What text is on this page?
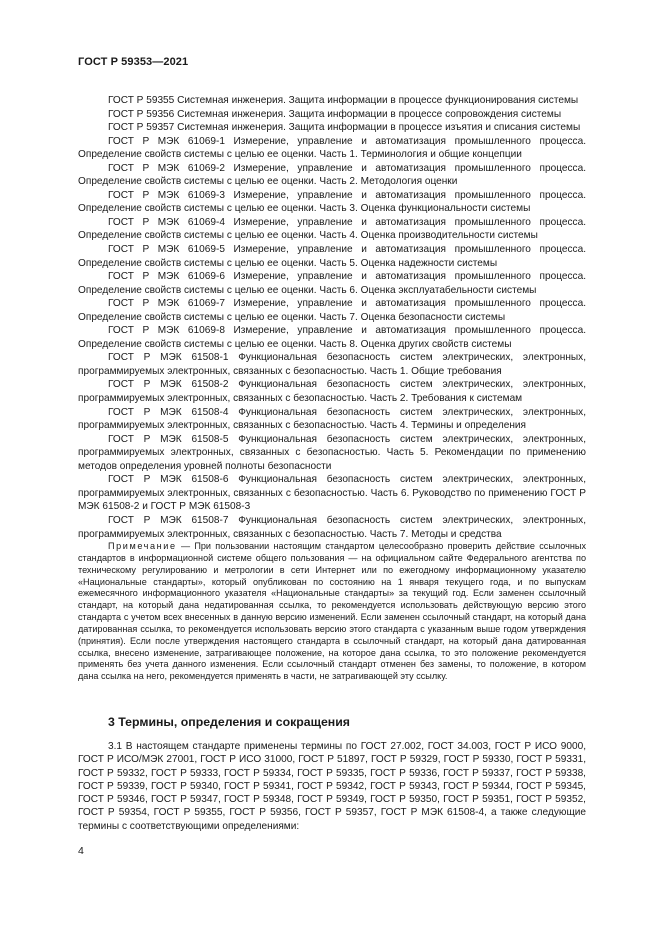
ГОСТ Р 59353—2021

ГОСТ Р 59355 Системная инженерия. Защита информации в процессе функционирования системы

ГОСТ Р 59356 Системная инженерия. Защита информации в процессе сопровождения системы

ГОСТ Р 59357 Системная инженерия. Защита информации в процессе изъятия и списания системы

ГОСТ Р МЭК 61069-1 Измерение, управление и автоматизация промышленного процесса. Определение свойств системы с целью ее оценки. Часть 1. Терминология и общие концепции

ГОСТ Р МЭК 61069-2 Измерение, управление и автоматизация промышленного процесса. Определение свойств системы с целью ее оценки. Часть 2. Методология оценки

ГОСТ Р МЭК 61069-3 Измерение, управление и автоматизация промышленного процесса. Определение свойств системы с целью ее оценки. Часть 3. Оценка функциональности системы

ГОСТ Р МЭК 61069-4 Измерение, управление и автоматизация промышленного процесса. Определение свойств системы с целью ее оценки. Часть 4. Оценка производительности системы

ГОСТ Р МЭК 61069-5 Измерение, управление и автоматизация промышленного процесса. Определение свойств системы с целью ее оценки. Часть 5. Оценка надежности системы

ГОСТ Р МЭК 61069-6 Измерение, управление и автоматизация промышленного процесса. Определение свойств системы с целью ее оценки. Часть 6. Оценка эксплуатабельности системы

ГОСТ Р МЭК 61069-7 Измерение, управление и автоматизация промышленного процесса. Определение свойств системы с целью ее оценки. Часть 7. Оценка безопасности системы

ГОСТ Р МЭК 61069-8 Измерение, управление и автоматизация промышленного процесса. Определение свойств системы с целью ее оценки. Часть 8. Оценка других свойств системы

ГОСТ Р МЭК 61508-1 Функциональная безопасность систем электрических, электронных, программируемых электронных, связанных с безопасностью. Часть 1. Общие требования

ГОСТ Р МЭК 61508-2 Функциональная безопасность систем электрических, электронных, программируемых электронных, связанных с безопасностью. Часть 2. Требования к системам

ГОСТ Р МЭК 61508-4 Функциональная безопасность систем электрических, электронных, программируемых электронных, связанных с безопасностью. Часть 4. Термины и определения

ГОСТ Р МЭК 61508-5 Функциональная безопасность систем электрических, электронных, программируемых электронных, связанных с безопасностью. Часть 5. Рекомендации по применению методов определения уровней полноты безопасности

ГОСТ Р МЭК 61508-6 Функциональная безопасность систем электрических, электронных, программируемых электронных, связанных с безопасностью. Часть 6. Руководство по применению ГОСТ Р МЭК 61508-2 и ГОСТ Р МЭК 61508-3

ГОСТ Р МЭК 61508-7 Функциональная безопасность систем электрических, электронных, программируемых электронных, связанных с безопасностью. Часть 7. Методы и средства

Примечание — При пользовании настоящим стандартом целесообразно проверить действие ссылочных стандартов в информационной системе общего пользования — на официальном сайте Федерального агентства по техническому регулированию и метрологии в сети Интернет или по ежегодному информационному указателю «Национальные стандарты», который опубликован по состоянию на 1 января текущего года, и по выпускам ежемесячного информационного указателя «Национальные стандарты» за текущий год. Если заменен ссылочный стандарт, на который дана недатированная ссылка, то рекомендуется использовать действующую версию этого стандарта с учетом всех внесенных в данную версию изменений. Если заменен ссылочный стандарт, на который дана датированная ссылка, то рекомендуется использовать версию этого стандарта с указанным выше годом утверждения (принятия). Если после утверждения настоящего стандарта в ссылочный стандарт, на который дана датированная ссылка, внесено изменение, затрагивающее положение, на которое дана ссылка, то это положение рекомендуется применять без учета данного изменения. Если ссылочный стандарт отменен без замены, то положение, в котором дана ссылка на него, рекомендуется применять в части, не затрагивающей эту ссылку.

3 Термины, определения и сокращения

3.1 В настоящем стандарте применены термины по ГОСТ 27.002, ГОСТ 34.003, ГОСТ Р ИСО 9000, ГОСТ Р ИСО/МЭК 27001, ГОСТ Р ИСО 31000, ГОСТ Р 51897, ГОСТ Р 59329, ГОСТ Р 59330, ГОСТ Р 59331, ГОСТ Р 59332, ГОСТ Р 59333, ГОСТ Р 59334, ГОСТ Р 59335, ГОСТ Р 59336, ГОСТ Р 59337, ГОСТ Р 59338, ГОСТ Р 59339, ГОСТ Р 59340, ГОСТ Р 59341, ГОСТ Р 59342, ГОСТ Р 59343, ГОСТ Р 59344, ГОСТ Р 59345, ГОСТ Р 59346, ГОСТ Р 59347, ГОСТ Р 59348, ГОСТ Р 59349, ГОСТ Р 59350, ГОСТ Р 59351, ГОСТ Р 59352, ГОСТ Р 59354, ГОСТ Р 59355, ГОСТ Р 59356, ГОСТ Р 59357, ГОСТ Р МЭК 61508-4, а также следующие термины с соответствующими определениями:

4
